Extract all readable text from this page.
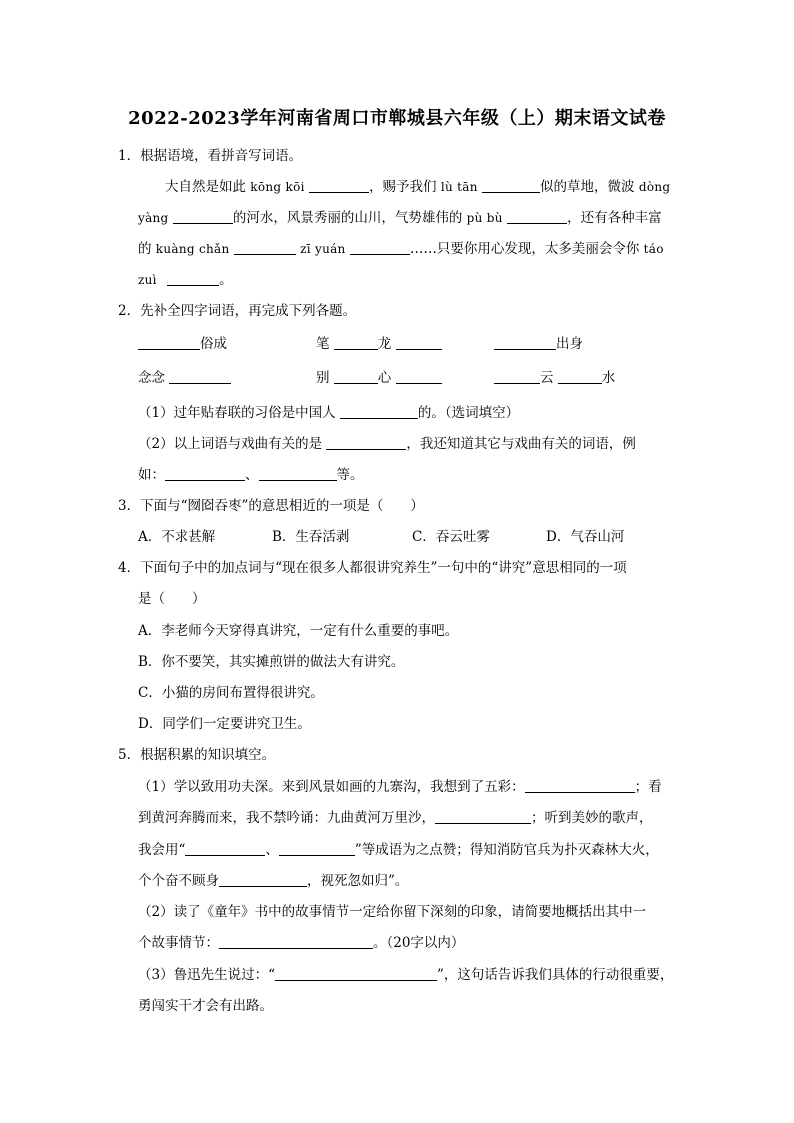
2022-2023学年河南省周口市郸城县六年级（上）期末语文试卷
1．根据语境，看拼音写词语。
大自然是如此 kōng kōi	，赐予我们 lù tān	似的草地，微波 dòng
yàng	的河水，风景秀丽的山川，气势雄伟的 pù bù	，还有各种丰富
的 kuàng chǎn	zī yuán	……只要你用心发现，太多美丽会令你 táo
zuì	。
2．先补全四字词语，再完成下列各题。
俗成	笔	龙	出身
念念	别	心	云	水
（1）过年贴春联的习俗是中国人	的。（选词填空）
（2）以上词语与戏曲有关的是	，我还知道其它与戏曲有关的词语，例
如：	、	等。
3．下面与“囫囵吞枣”的意思相近的一项是（　　）
A．不求甚解	B．生吞活剥	C．吞云吐雾	D．气吞山河
4．下面句子中的加点词与“现在很多人都很讲究养生”一句中的“讲究”意思相同的一项
是（　　）
A．李老师今天穿得真讲究，一定有什么重要的事吧。
B．你不要笑，其实摊煎饼的做法大有讲究。
C．小猫的房间布置得很讲究。
D．同学们一定要讲究卫生。
5．根据积累的知识填空。
（1）学以致用功夫深。来到风景如画的九寨沟，我想到了五彩：	；看
到黄河奔腾而来，我不禁吟诵：九曲黄河万里沙，	；听到美妙的歌声，
我会用“	、	”等成语为之点赞；得知消防官兵为扑灭森林大火，
个个奋不顾身	，视死忽如归”。
（2）读了《童年》书中的故事情节一定给你留下深刻的印象，请简要地概括出其中一
个故事情节：	。（20字以内）
（3）鲁迅先生说过：“	”，这句话告诉我们具体的行动很重要，
勇闯实干才会有出路。
